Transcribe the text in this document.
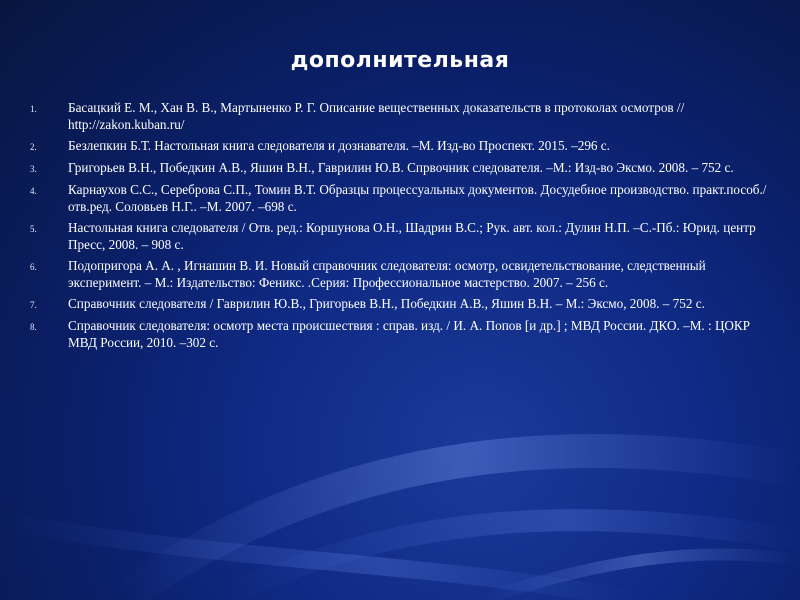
дополнительная
1.	Басацкий Е. М., Хан В. В., Мартыненко Р. Г. Описание вещественных доказательств в протоколах осмотров // http://zakon.kuban.ru/
2.	Безлепкин Б.Т. Настольная книга следователя и дознавателя. –М. Изд-во Проспект. 2015. –296 с.
3.	Григорьев В.Н., Победкин А.В., Яшин В.Н., Гаврилин Ю.В. Спрвочник следователя. –М.: Изд-во Эксмо. 2008. – 752 с.
4.	Карнаухов С.С., Сереброва С.П., Томин В.Т. Образцы процессуальных документов. Досудебное производство. практ.пособ./отв.ред. Соловьев Н.Г.. –М. 2007. –698 с.
5.	Настольная книга следователя / Отв. ред.: Коршунова О.Н., Шадрин В.С.; Рук. авт. кол.: Дулин Н.П. –С.-Пб.: Юрид. центр Пресс, 2008. – 908 с.
6.	Подопригора А. А. , Игнашин В. И. Новый справочник следователя: осмотр, освидетельствование, следственный эксперимент. – М.: Издательство: Феникс. .Серия: Профессиональное мастерство. 2007. – 256 с.
7.	Справочник следователя / Гаврилин Ю.В., Григорьев В.Н., Победкин А.В., Яшин В.Н. – М.: Эксмо, 2008. – 752 с.
8.	Справочник следователя: осмотр места происшествия : справ. изд. / И. А. Попов [и др.] ; МВД России. ДКО. –М. : ЦОКР МВД России, 2010. –302 с.
